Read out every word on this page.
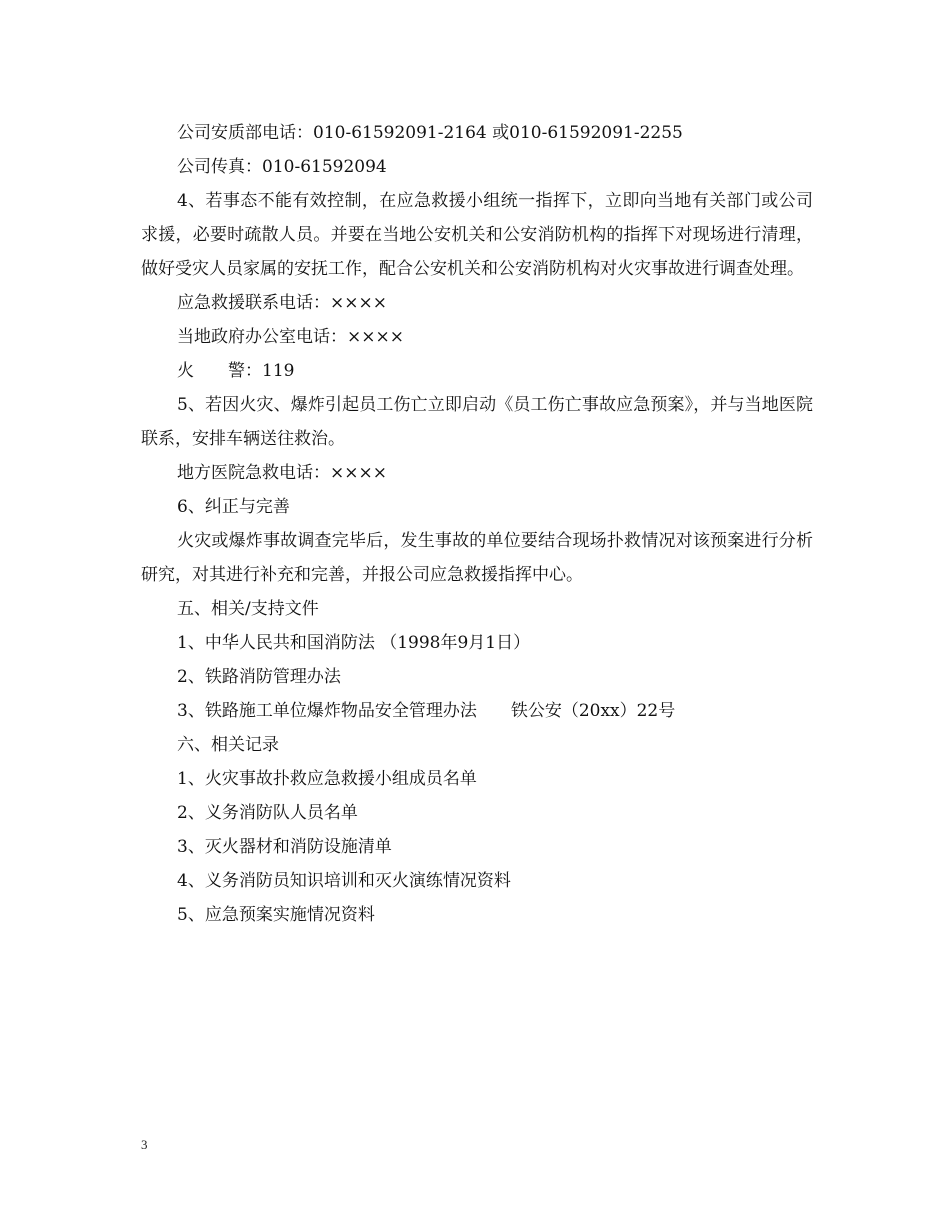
公司安质部电话：010-61592091-2164 或010-61592091-2255

公司传真：010-61592094

4、若事态不能有效控制，在应急救援小组统一指挥下，立即向当地有关部门或公司求援，必要时疏散人员。并要在当地公安机关和公安消防机构的指挥下对现场进行清理，做好受灾人员家属的安抚工作，配合公安机关和公安消防机构对火灾事故进行调查处理。

应急救援联系电话：××××

当地政府办公室电话：××××

火　　警：119

5、若因火灾、爆炸引起员工伤亡立即启动《员工伤亡事故应急预案》，并与当地医院联系，安排车辆送往救治。

地方医院急救电话：××××

6、纠正与完善

火灾或爆炸事故调查完毕后，发生事故的单位要结合现场扑救情况对该预案进行分析研究，对其进行补充和完善，并报公司应急救援指挥中心。

五、相关/支持文件

1、中华人民共和国消防法 （1998年9月1日）

2、铁路消防管理办法

3、铁路施工单位爆炸物品安全管理办法　　铁公安（20xx）22号

六、相关记录

1、火灾事故扑救应急救援小组成员名单

2、义务消防队人员名单

3、灭火器材和消防设施清单

4、义务消防员知识培训和灭火演练情况资料

5、应急预案实施情况资料

3
